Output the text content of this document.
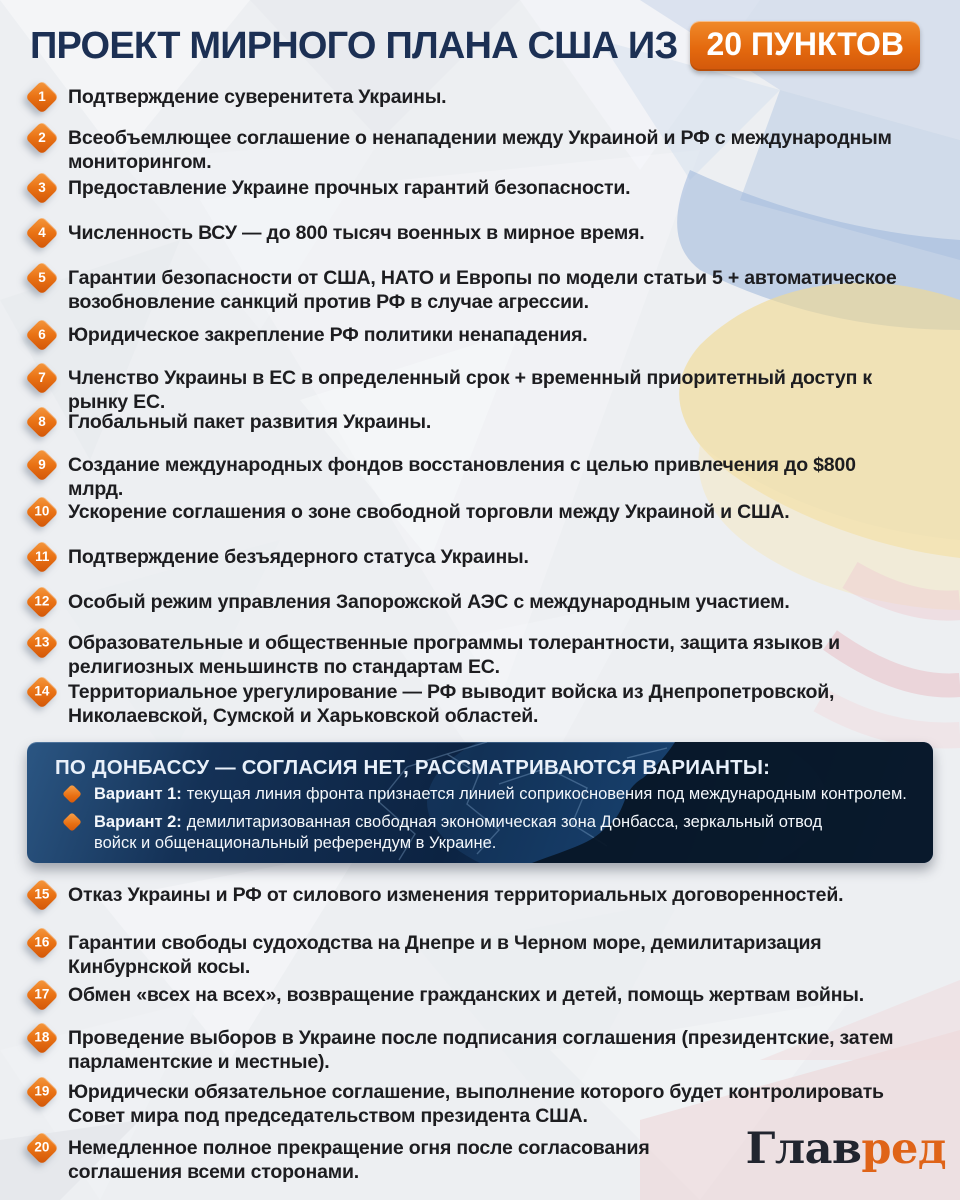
ПРОЕКТ МИРНОГО ПЛАНА США ИЗ 20 ПУНКТОВ
1 Подтверждение суверенитета Украины.
2 Всеобъемлющее соглашение о ненападении между Украиной и РФ с международным мониторингом.
3 Предоставление Украине прочных гарантий безопасности.
4 Численность ВСУ — до 800 тысяч военных в мирное время.
5 Гарантии безопасности от США, НАТО и Европы по модели статьи 5 + автоматическое возобновление санкций против РФ в случае агрессии.
6 Юридическое закрепление РФ политики ненападения.
7 Членство Украины в ЕС в определенный срок + временный приоритетный доступ к рынку ЕС.
8 Глобальный пакет развития Украины.
9 Создание международных фондов восстановления с целью привлечения до $800 млрд.
10 Ускорение соглашения о зоне свободной торговли между Украиной и США.
11 Подтверждение безъядерного статуса Украины.
12 Особый режим управления Запорожской АЭС с международным участием.
13 Образовательные и общественные программы толерантности, защита языков и религиозных меньшинств по стандартам ЕС.
14 Территориальное урегулирование — РФ выводит войска из Днепропетровской, Николаевской, Сумской и Харьковской областей.
ПО ДОНБАССУ — СОГЛАСИЯ НЕТ, РАССМАТРИВАЮТСЯ ВАРИАНТЫ:
Вариант 1: текущая линия фронта признается линией соприкосновения под международным контролем.
Вариант 2: демилитаризованная свободная экономическая зона Донбасса, зеркальный отвод войск и общенациональный референдум в Украине.
15 Отказ Украины и РФ от силового изменения территориальных договоренностей.
16 Гарантии свободы судоходства на Днепре и в Черном море, демилитаризация Кинбурнской косы.
17 Обмен «всех на всех», возвращение гражданских и детей, помощь жертвам войны.
18 Проведение выборов в Украине после подписания соглашения (президентские, затем парламентские и местные).
19 Юридически обязательное соглашение, выполнение которого будет контролировать Совет мира под председательством президента США.
20 Немедленное полное прекращение огня после согласования соглашения всеми сторонами.	Главред
